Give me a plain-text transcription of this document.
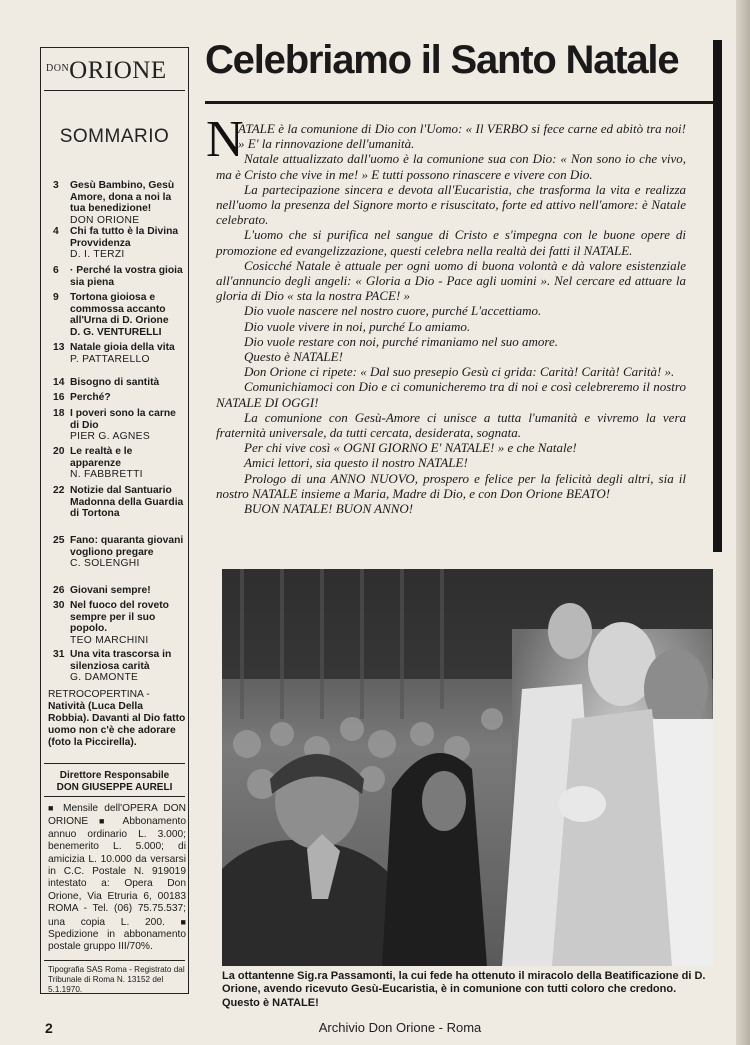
$^{DON}$ORIONE
SOMMARIO
3	Gesù Bambino, Gesù Amore, dona a noi la tua benedizione!
DON ORIONE
4	Chi fa tutto è la Divina Provvidenza
D. I. TERZI
6	· Perché la vostra gioia sia piena
9	Tortona gioiosa e commossa accanto all'Urna di D. Orione
D. G. VENTURELLI
13 Natale gioia della vita
P. PATTARELLO
14 Bisogno di santità
16 Perché?
18 I poveri sono la carne di Dio
PIER G. AGNES
20 Le realtà e le apparenze
N. FABBRETTI
22 Notizie dal Santuario Madonna della Guardia di Tortona
25 Fano: quaranta giovani vogliono pregare
C. SOLENGHI
26 Giovani sempre!
30 Nel fuoco del roveto sempre per il suo popolo.
TEO MARCHINI
31 Una vita trascorsa in silenziosa carità
G. DAMONTE
RETROCOPERTINA - Natività (Luca Della Robbia). Davanti al Dio fatto uomo non c'è che adorare (foto la Piccirella).
Direttore Responsabile
DON GIUSEPPE AURELI
■ Mensile dell'OPERA DON ORIONE ■ Abbonamento annuo ordinario L. 3.000; benemerito L. 5.000; di amicizia L. 10.000 da versarsi in C.C. Postale N. 919019 intestato a: Opera Don Orione, Via Etruria 6, 00183 ROMA - Tel. (06) 75.75.537; una copia L. 200. ■ Spedizione in abbonamento postale gruppo III/70%.
Tipografia SAS Roma - Registrato dal Tribunale di Roma N. 13152 del 5.1.1970.
Celebriamo il Santo Natale
N

ATALE è la comunione di Dio con l'Uomo: « Il VERBO si fece carne ed abitò tra noi! » E' la rinnovazione dell'umanità.

Natale attualizzato dall'uomo è la comunione sua con Dio: « Non sono io che vivo, ma è Cristo che vive in me! » E tutti possono rinascere e vivere con Dio.

La partecipazione sincera e devota all'Eucaristia, che trasforma la vita e realizza nell'uomo la presenza del Signore morto e risuscitato, forte ed attivo nell'amore: è Natale celebrato.

L'uomo che si purifica nel sangue di Cristo e s'impegna con le buone opere di promozione ed evangelizzazione, questi celebra nella realtà dei fatti il NATALE.

Cosicché Natale è attuale per ogni uomo di buona volontà e dà valore esistenziale all'annuncio degli angeli: « Gloria a Dio - Pace agli uomini ». Nel cercare ed attuare la gloria di Dio « sta la nostra PACE! »

Dio vuole nascere nel nostro cuore, purché L'accettiamo.

Dio vuole vivere in noi, purché Lo amiamo.

Dio vuole restare con noi, purché rimaniamo nel suo amore.

Questo è NATALE!

Don Orione ci ripete: « Dal suo presepio Gesù ci grida: Carità! Carità! Carità! ».

Comunichiamoci con Dio e ci comunicheremo tra di noi e così celebreremo il nostro NATALE DI OGGI!

La comunione con Gesù-Amore ci unisce a tutta l'umanità e vivremo la vera fraternità universale, da tutti cercata, desiderata, sognata.

Per chi vive così « OGNI GIORNO E' NATALE! » e che Natale!

Amici lettori, sia questo il nostro NATALE!

Prologo di una ANNO NUOVO, prospero e felice per la felicità degli altri, sia il nostro NATALE insieme a Maria, Madre di Dio, e con Don Orione BEATO!

BUON NATALE! BUON ANNO!

La ottantenne Sig.ra Passamonti, la cui fede ha ottenuto il miracolo della Beatificazione di D. Orione, avendo ricevuto Gesù-Eucaristia, è in comunione con tutti coloro che credono. Questo è NATALE!
2	Archivio Don Orione - Roma
